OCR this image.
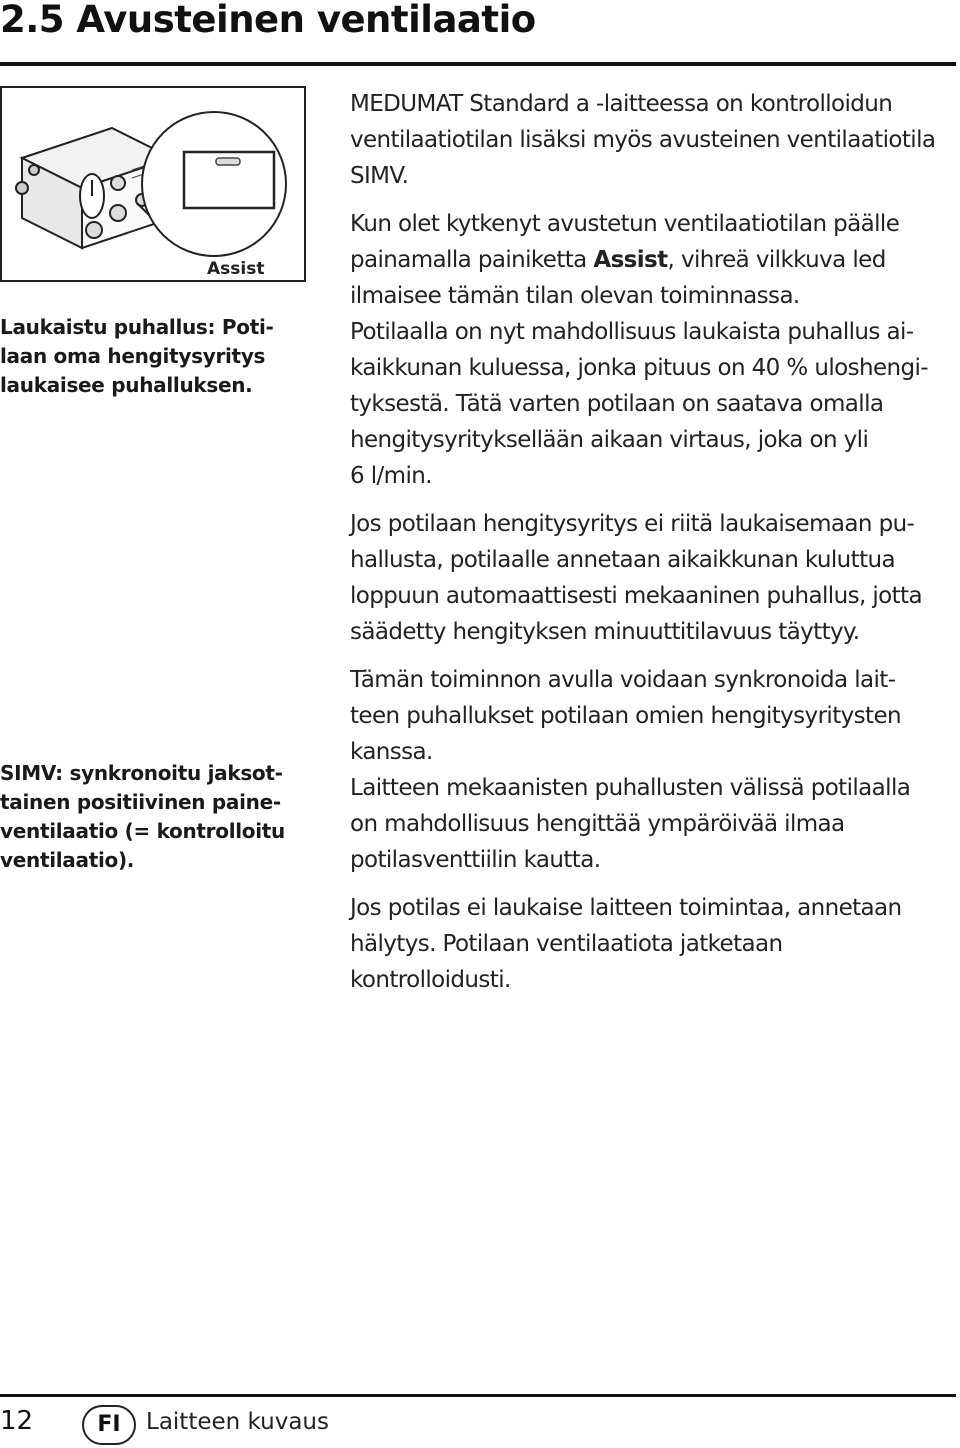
2.5 Avusteinen ventilaatio
Assist
Laukaistu puhallus: Poti-
laan oma hengitysyritys
laukaisee puhalluksen.
SIMV: synkronoitu jaksot-
tainen positiivinen paine-
ventilaatio (= kontrolloitu
ventilaatio).

MEDUMAT Standard a -laitteessa on kontrolloidun
ventilaatiotilan lisäksi myös avusteinen ventilaatiotila
SIMV.

Kun olet kytkenyt avustetun ventilaatiotilan päälle
painamalla painiketta Assist, vihreä vilkkuva led
ilmaisee tämän tilan olevan toiminnassa.
Potilaalla on nyt mahdollisuus laukaista puhallus ai-
kaikkunan kuluessa, jonka pituus on 40 % uloshengi-
tyksestä. Tätä varten potilaan on saatava omalla
hengitysyrityksellään aikaan virtaus, joka on yli
6 l/min.

Jos potilaan hengitysyritys ei riitä laukaisemaan pu-
hallusta, potilaalle annetaan aikaikkunan kuluttua
loppuun automaattisesti mekaaninen puhallus, jotta
säädetty hengityksen minuuttitilavuus täyttyy.

Tämän toiminnon avulla voidaan synkronoida lait-
teen puhallukset potilaan omien hengitysyritysten
kanssa.

Laitteen mekaanisten puhallusten välissä potilaalla
on mahdollisuus hengittää ympäröivää ilmaa
potilasventtiilin kautta.

Jos potilas ei laukaise laitteen toimintaa, annetaan
hälytys. Potilaan ventilaatiota jatketaan
kontrolloidusti.

12	FI	Laitteen kuvaus
